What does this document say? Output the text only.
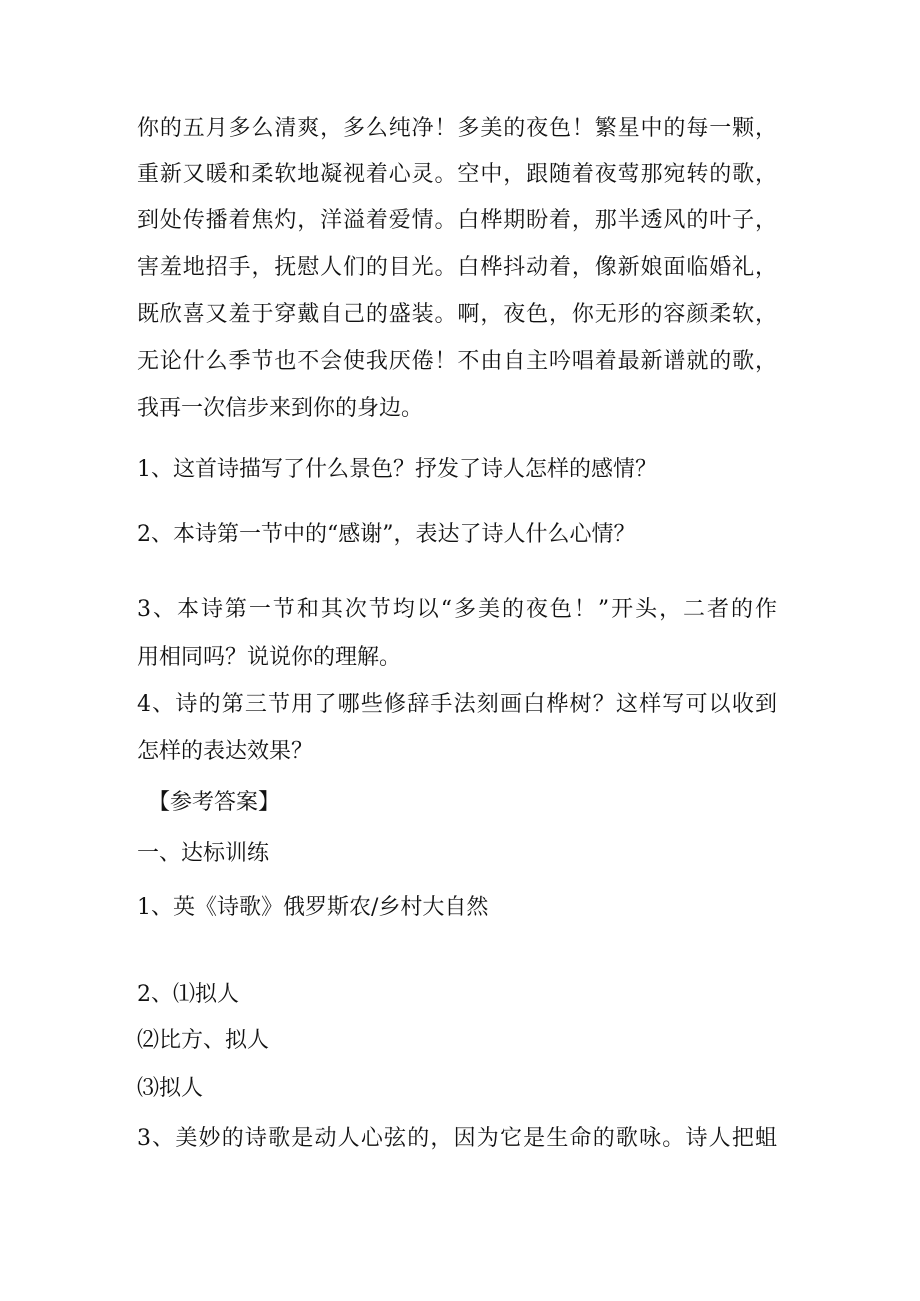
你的五月多么清爽，多么纯净！多美的夜色！繁星中的每一颗，

重新又暖和柔软地凝视着心灵。空中，跟随着夜莺那宛转的歌，

到处传播着焦灼，洋溢着爱情。白桦期盼着，那半透风的叶子，

害羞地招手，抚慰人们的目光。白桦抖动着，像新娘面临婚礼，

既欣喜又羞于穿戴自己的盛装。啊，夜色，你无形的容颜柔软，

无论什么季节也不会使我厌倦！不由自主吟唱着最新谱就的歌，

我再一次信步来到你的身边。

1、这首诗描写了什么景色？抒发了诗人怎样的感情？

2、本诗第一节中的“感谢”，表达了诗人什么心情？

3、本诗第一节和其次节均以“多美的夜色！”开头，二者的作

用相同吗？说说你的理解。

4、诗的第三节用了哪些修辞手法刻画白桦树？这样写可以收到

怎样的表达效果？

【参考答案】

一、达标训练

1、英《诗歌》俄罗斯农/乡村大自然

2、⑴拟人

⑵比方、拟人

⑶拟人

3、美妙的诗歌是动人心弦的，因为它是生命的歌咏。诗人把蛆
